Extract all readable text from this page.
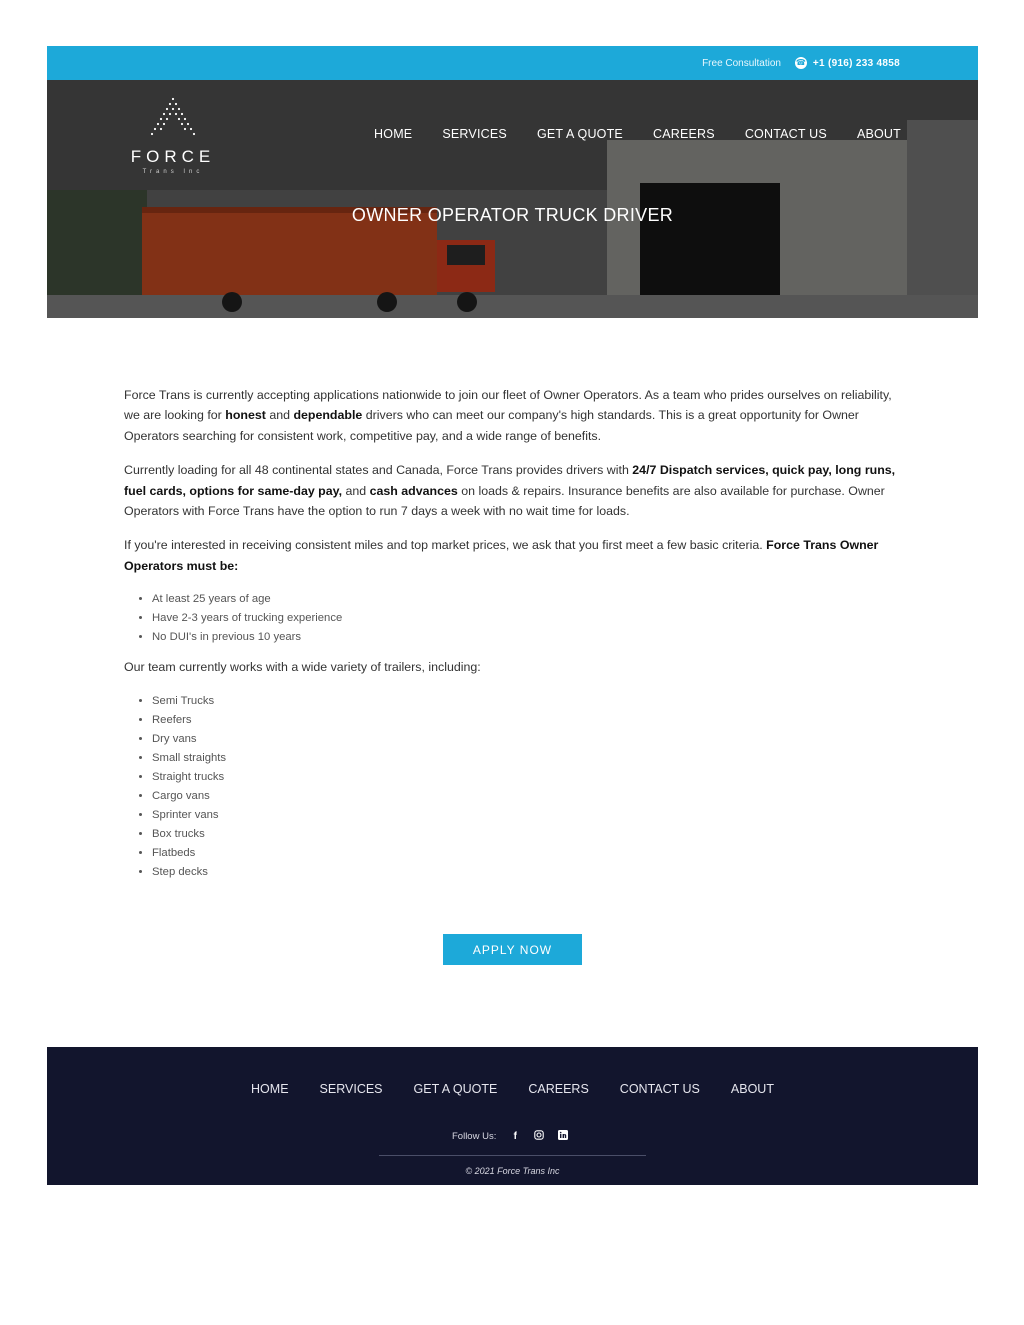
Free Consultation ☎ +1 (916) 233 4858
FORCE
Trans Inc
HOME SERVICES GET A QUOTE CAREERS CONTACT US ABOUT
OWNER OPERATOR TRUCK DRIVER

Force Trans is currently accepting applications nationwide to join our fleet of Owner Operators. As a team who prides ourselves on reliability, we are looking for honest and dependable drivers who can meet our company's high standards. This is a great opportunity for Owner Operators searching for consistent work, competitive pay, and a wide range of benefits.

Currently loading for all 48 continental states and Canada, Force Trans provides drivers with 24/7 Dispatch services, quick pay, long runs, fuel cards, options for same-day pay, and cash advances on loads & repairs. Insurance benefits are also available for purchase. Owner Operators with Force Trans have the option to run 7 days a week with no wait time for loads.

If you're interested in receiving consistent miles and top market prices, we ask that you first meet a few basic criteria. Force Trans Owner Operators must be:

• At least 25 years of age
• Have 2-3 years of trucking experience
• No DUI's in previous 10 years

Our team currently works with a wide variety of trailers, including:

• Semi Trucks
• Reefers
• Dry vans
• Small straights
• Straight trucks
• Cargo vans
• Sprinter vans
• Box trucks
• Flatbeds
• Step decks
APPLY NOW
HOME SERVICES GET A QUOTE CAREERS CONTACT US ABOUT
Follow Us:	f
© 2021 Force Trans Inc
